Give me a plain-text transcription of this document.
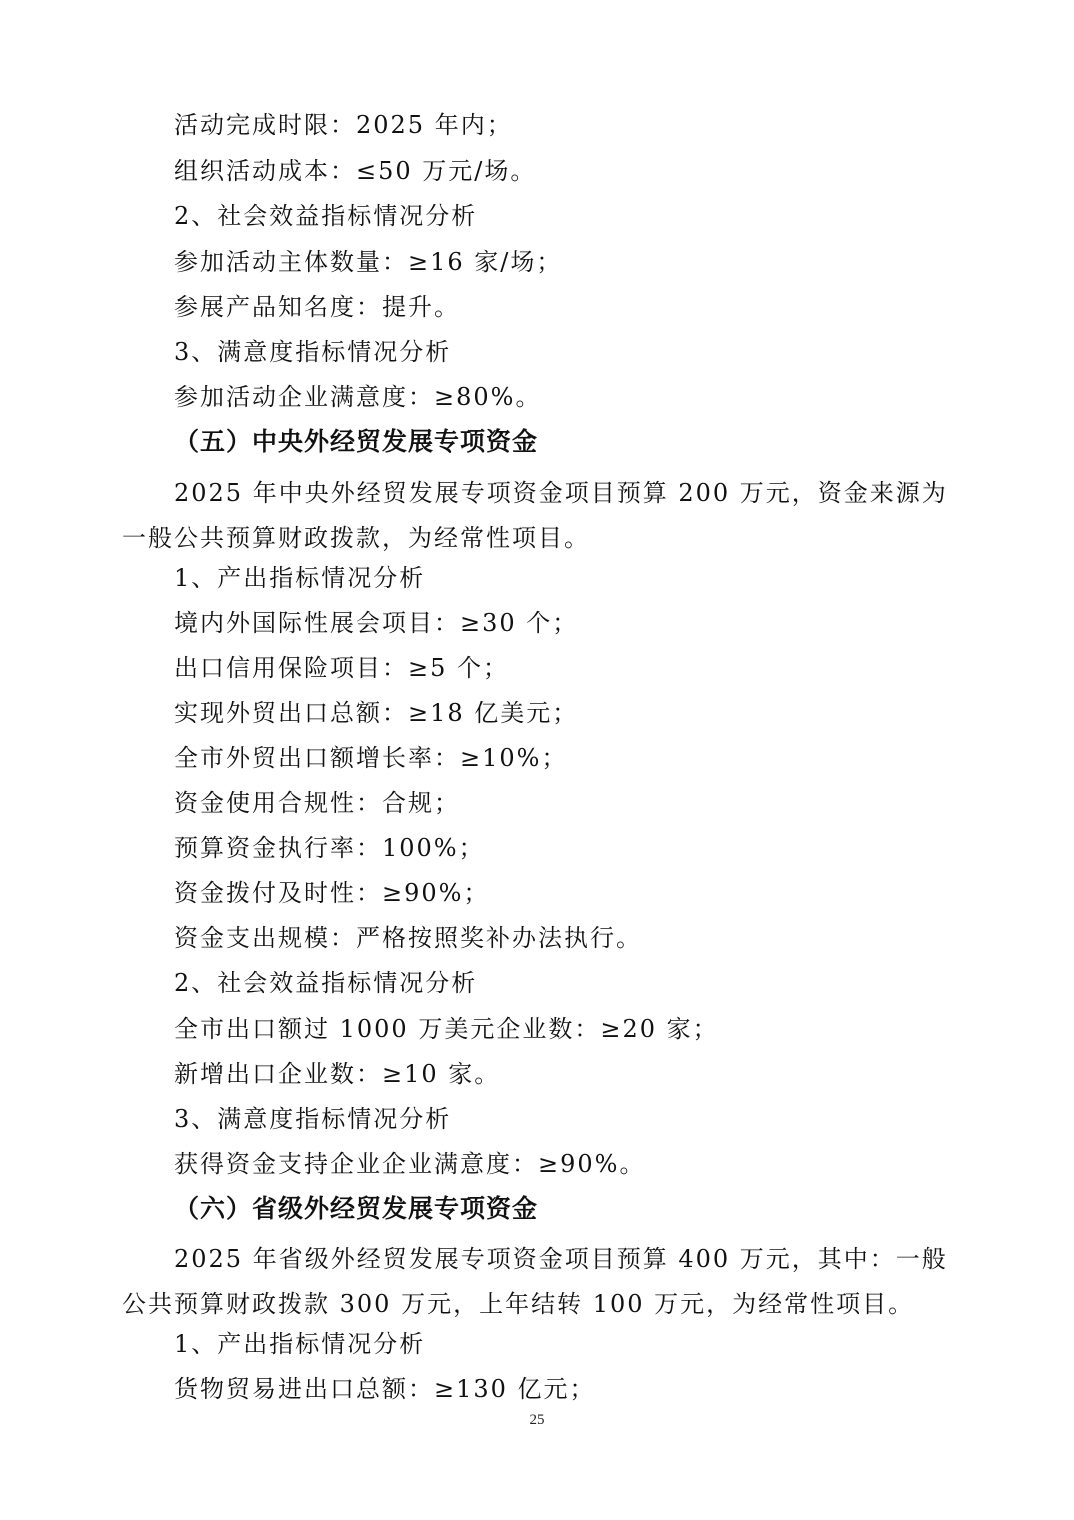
活动完成时限：2025 年内；

组织活动成本：≤50 万元/场。

2、社会效益指标情况分析

参加活动主体数量：≥16 家/场；

参展产品知名度：提升。

3、满意度指标情况分析

参加活动企业满意度：≥80%。

（五）中央外经贸发展专项资金

2025 年中央外经贸发展专项资金项目预算 200 万元，资金来源为一般公共预算财政拨款，为经常性项目。

1、产出指标情况分析

境内外国际性展会项目：≥30 个；

出口信用保险项目：≥5 个；

实现外贸出口总额：≥18 亿美元；

全市外贸出口额增长率：≥10%；

资金使用合规性：合规；

预算资金执行率：100%；

资金拨付及时性：≥90%；

资金支出规模：严格按照奖补办法执行。

2、社会效益指标情况分析

全市出口额过 1000 万美元企业数：≥20 家；

新增出口企业数：≥10 家。

3、满意度指标情况分析

获得资金支持企业企业满意度：≥90%。

（六）省级外经贸发展专项资金

2025 年省级外经贸发展专项资金项目预算 400 万元，其中：一般公共预算财政拨款 300 万元，上年结转 100 万元，为经常性项目。

1、产出指标情况分析

货物贸易进出口总额：≥130 亿元；

25
